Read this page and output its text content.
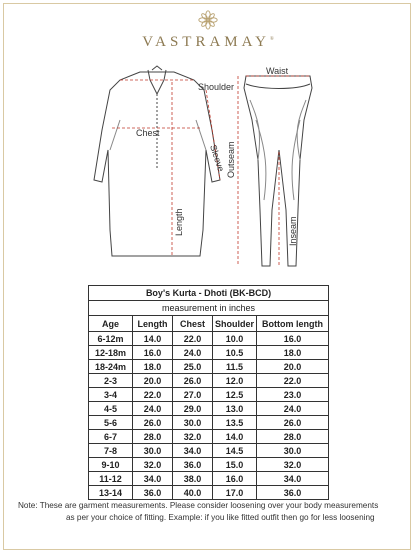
VASTRAMAY®
Shoulder
Chest
Sleeve
Length
Waist
Outseam
Inseam
Boy's Kurta - Dhoti (BK-BCD)				
measurement in inches				
Age	Length	Chest	Shoulder	Bottom length
6-12m	14.0	22.0	10.0	16.0
12-18m	16.0	24.0	10.5	18.0
18-24m	18.0	25.0	11.5	20.0
2-3	20.0	26.0	12.0	22.0
3-4	22.0	27.0	12.5	23.0
4-5	24.0	29.0	13.0	24.0
5-6	26.0	30.0	13.5	26.0
6-7	28.0	32.0	14.0	28.0
7-8	30.0	34.0	14.5	30.0
9-10	32.0	36.0	15.0	32.0
11-12	34.0	38.0	16.0	34.0
13-14	36.0	40.0	17.0	36.0
Note: These are garment measurements. Please consider loosening over your body measurements
as per your choice of fitting. Example: if you like fitted outfit then go for less loosening
